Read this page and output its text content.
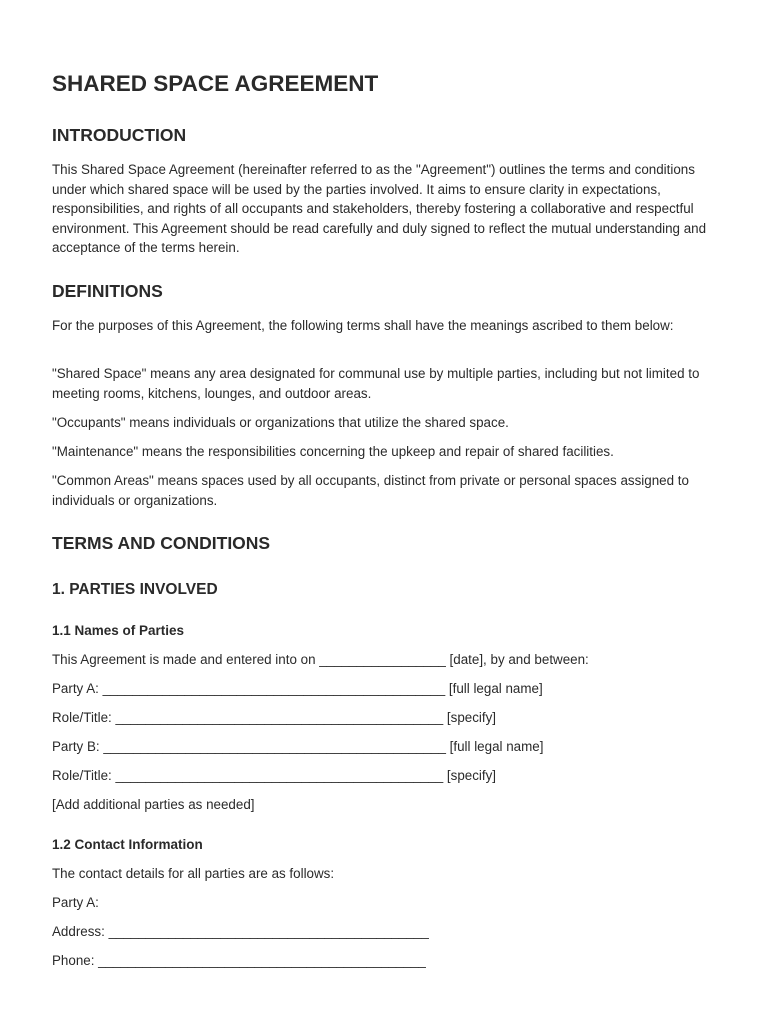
SHARED SPACE AGREEMENT
INTRODUCTION
This Shared Space Agreement (hereinafter referred to as the "Agreement") outlines the terms and conditions under which shared space will be used by the parties involved. It aims to ensure clarity in expectations, responsibilities, and rights of all occupants and stakeholders, thereby fostering a collaborative and respectful environment. This Agreement should be read carefully and duly signed to reflect the mutual understanding and acceptance of the terms herein.
DEFINITIONS
For the purposes of this Agreement, the following terms shall have the meanings ascribed to them below:
"Shared Space" means any area designated for communal use by multiple parties, including but not limited to meeting rooms, kitchens, lounges, and outdoor areas.
"Occupants" means individuals or organizations that utilize the shared space.
"Maintenance" means the responsibilities concerning the upkeep and repair of shared facilities.
"Common Areas" means spaces used by all occupants, distinct from private or personal spaces assigned to individuals or organizations.
TERMS AND CONDITIONS
1. PARTIES INVOLVED
1.1 Names of Parties
This Agreement is made and entered into on _________________ [date], by and between:
Party A: ______________________________________________ [full legal name]
Role/Title: ____________________________________________ [specify]
Party B: ______________________________________________ [full legal name]
Role/Title: ____________________________________________ [specify]
[Add additional parties as needed]
1.2 Contact Information
The contact details for all parties are as follows:
Party A:
Address: ___________________________________________
Phone: ____________________________________________
